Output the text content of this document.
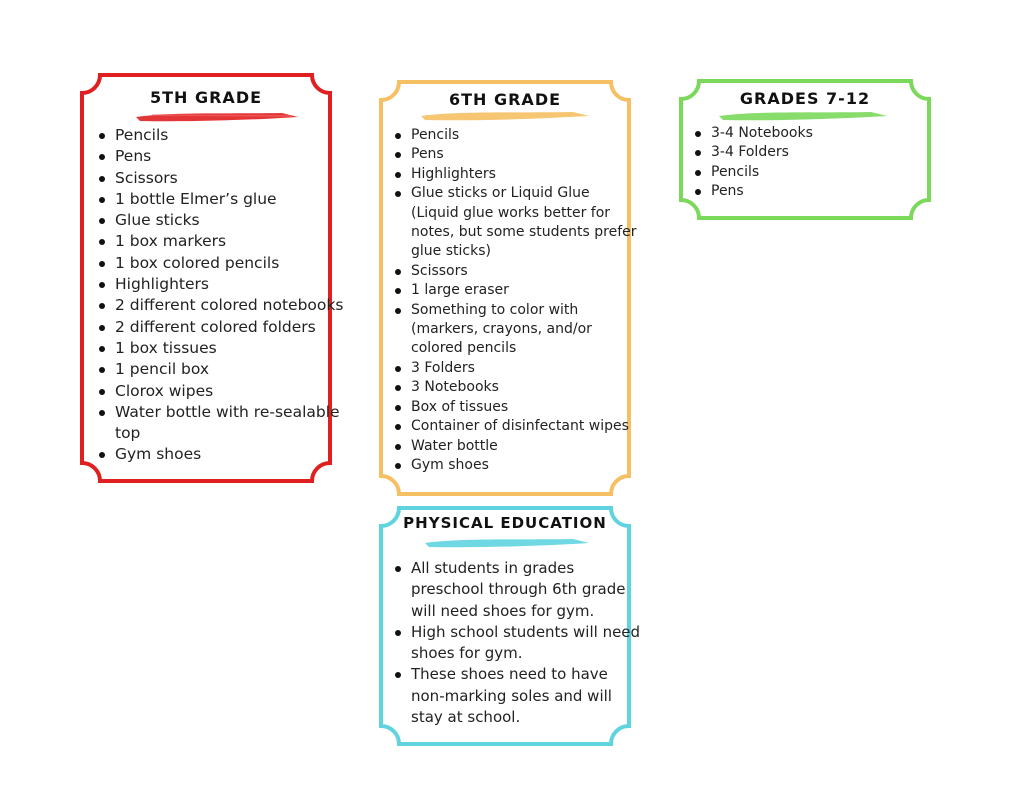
5TH GRADE
Pencils
Pens
Scissors
1 bottle Elmer’s glue
Glue sticks
1 box markers
1 box colored pencils
Highlighters
2 different colored notebooks
2 different colored folders
1 box tissues
1 pencil box
Clorox wipes
Water bottle with re-sealable top
Gym shoes
6TH GRADE
Pencils
Pens
Highlighters
Glue sticks or Liquid Glue (Liquid glue works better for notes, but some students prefer glue sticks)
Scissors
1 large eraser
Something to color with (markers, crayons, and/or colored pencils
3 Folders
3 Notebooks
Box of tissues
Container of disinfectant wipes
Water bottle
Gym shoes
GRADES 7-12
3-4 Notebooks
3-4 Folders
Pencils
Pens
PHYSICAL EDUCATION
All students in grades preschool through 6th grade will need shoes for gym.
High school students will need shoes for gym.
These shoes need to have non-marking soles and will stay at school.
